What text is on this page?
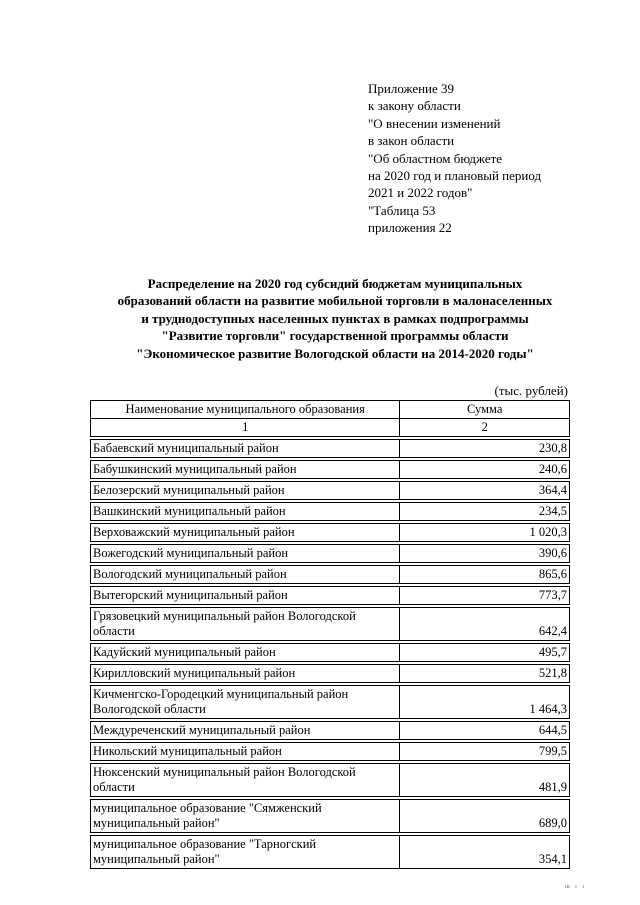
Приложение 39
к закону области
"О внесении изменений
в закон области
"Об областном бюджете
на 2020 год и плановый период
2021 и 2022 годов"
"Таблица 53
приложения 22
Распределение на 2020 год субсидий бюджетам муниципальных
образований области на развитие мобильной торговли в малонаселенных
и труднодоступных населенных пунктах в рамках подпрограммы
"Развитие торговли" государственной программы области
"Экономическое развитие Вологодской области на 2014-2020 годы"
(тыс. рублей)
Наименование муниципального образования	Сумма
1	2

Бабаевский муниципальный район	230,8

Бабушкинский муниципальный район	240,6

Белозерский муниципальный район	364,4

Вашкинский муниципальный район	234,5

Верховажский муниципальный район	1 020,3

Вожегодский муниципальный район	390,6

Вологодский муниципальный район	865,6

Вытегорский муниципальный район	773,7

Грязовецкий муниципальный район Вологодской
области	642,4

Кадуйский муниципальный район	495,7

Кирилловский муниципальный район	521,8

Кичменгско-Городецкий муниципальный район
Вологодской области	1 464,3

Междуреченский муниципальный район	644,5

Никольский муниципальный район	799,5

Нюксенский муниципальный район Вологодской
области	481,9

муниципальное образование "Сямженский
муниципальный район"	689,0

муниципальное образование "Тарногский
муниципальный район"	354,1
ш ı ı
